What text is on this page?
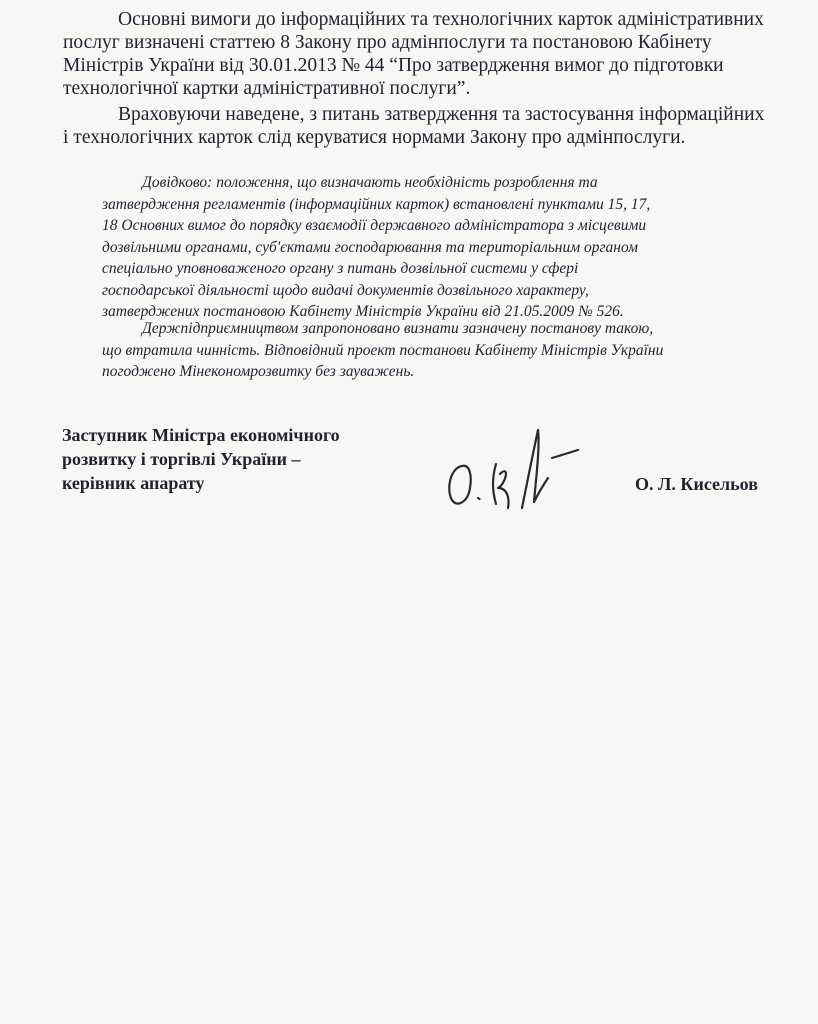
Основні вимоги до інформаційних та технологічних карток адміністративних
послуг визначені статтею 8 Закону про адмінпослуги та постановою Кабінету
Міністрів України від 30.01.2013 № 44 “Про затвердження вимог до підготовки
технологічної картки адміністративної послуги”.
Враховуючи наведене, з питань затвердження та застосування інформаційних
і технологічних карток слід керуватися нормами Закону про адмінпослуги.
Довідково: положення, що визначають необхідність розроблення та
затвердження регламентів (інформаційних карток) встановлені пунктами 15, 17,
18 Основних вимог до порядку взаємодії державного адміністратора з місцевими
дозвільними органами, суб'єктами господарювання та територіальним органом
спеціально уповноваженого органу з питань дозвільної системи у сфері
господарської діяльності щодо видачі документів дозвільного характеру,
затверджених постановою Кабінету Міністрів України від 21.05.2009 № 526.
Держпідприємництвом запропоновано визнати зазначену постанову такою,
що втратила чинність. Відповідний проект постанови Кабінету Міністрів України
погоджено Мінекономрозвитку без зауважень.
Заступник Міністра економічного
розвитку і торгівлі України –
керівник апарату	О. Л. Кисельов
